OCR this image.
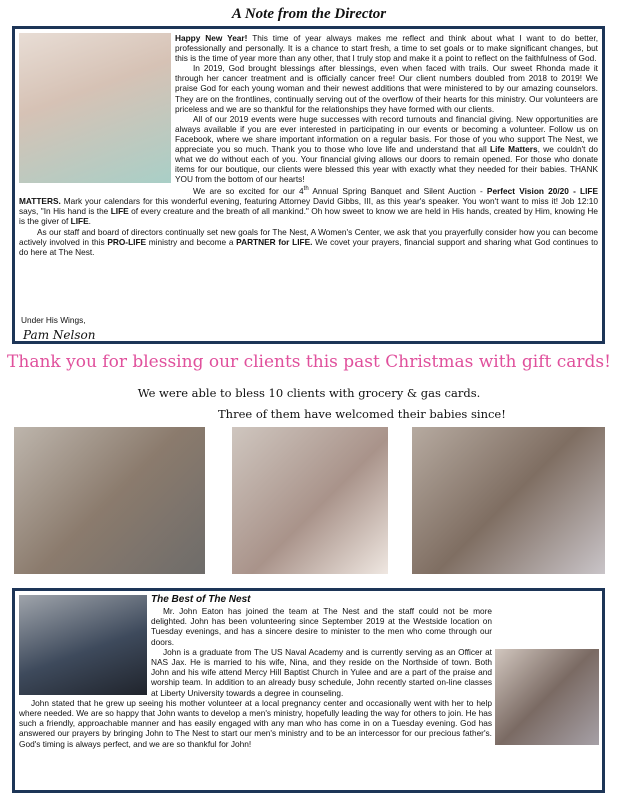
A Note from the Director

Happy New Year! This time of year always makes me reflect and think about what I want to do better, professionally and personally. It is a chance to start fresh, a time to set goals or to make significant changes, but this is the time of year more than any other, that I truly stop and make it a point to reflect on the faithfulness of God.

In 2019, God brought blessings after blessings, even when faced with trails. Our sweet Rhonda made it through her cancer treatment and is officially cancer free! Our client numbers doubled from 2018 to 2019! We praise God for each young woman and their newest additions that were ministered to by our amazing counselors. They are on the frontlines, continually serving out of the overflow of their hearts for this ministry. Our volunteers are priceless and we are so thankful for the relationships they have formed with our clients.

All of our 2019 events were huge successes with record turnouts and financial giving. New opportunities are always available if you are ever interested in participating in our events or becoming a volunteer. Follow us on Facebook, where we share important information on a regular basis. For those of you who support The Nest, we appreciate you so much. Thank you to those who love life and understand that all Life Matters, we couldn't do what we do without each of you. Your financial giving allows our doors to remain opened. For those who donate items for our boutique, our clients were blessed this year with exactly what they needed for their babies. THANK YOU from the bottom of our hearts!

We are so excited for our 4th Annual Spring Banquet and Silent Auction - Perfect Vision 20/20 - LIFE MATTERS. Mark your calendars for this wonderful evening, featuring Attorney David Gibbs, III, as this year's speaker. You won't want to miss it! Job 12:10 says, "In His hand is the LIFE of every creature and the breath of all mankind." Oh how sweet to know we are held in His hands, created by Him, knowing He is the giver of LIFE.

As our staff and board of directors continually set new goals for The Nest, A Women's Center, we ask that you prayerfully consider how you can become actively involved in this PRO-LIFE ministry and become a PARTNER for LIFE. We covet your prayers, financial support and sharing what God continues to do here at The Nest.

Under His Wings,
Pam Nelson
Thank you for blessing our clients this past Christmas with gift cards!
We were able to bless 10 clients with grocery & gas cards.
Three of them have welcomed their babies since!
The Best of The Nest

Mr. John Eaton has joined the team at The Nest and the staff could not be more delighted. John has been volunteering since September 2019 at the Westside location on Tuesday evenings, and has a sincere desire to minister to the men who come through our doors.

John is a graduate from The US Naval Academy and is currently serving as an Officer at NAS Jax. He is married to his wife, Nina, and they reside on the Northside of town. Both John and his wife attend Mercy Hill Baptist Church in Yulee and are a part of the praise and worship team. In addition to an already busy schedule, John recently started on-line classes at Liberty University towards a degree in counseling.

John stated that he grew up seeing his mother volunteer at a local pregnancy center and occasionally went with her to help where needed. We are so happy that John wants to develop a men's ministry, hopefully leading the way for others to join. He has such a friendly, approachable manner and has easily engaged with any man who has come in on a Tuesday evening. God has answered our prayers by bringing John to The Nest to start our men's ministry and to be an intercessor for our precious father's. God's timing is always perfect, and we are so thankful for John!
